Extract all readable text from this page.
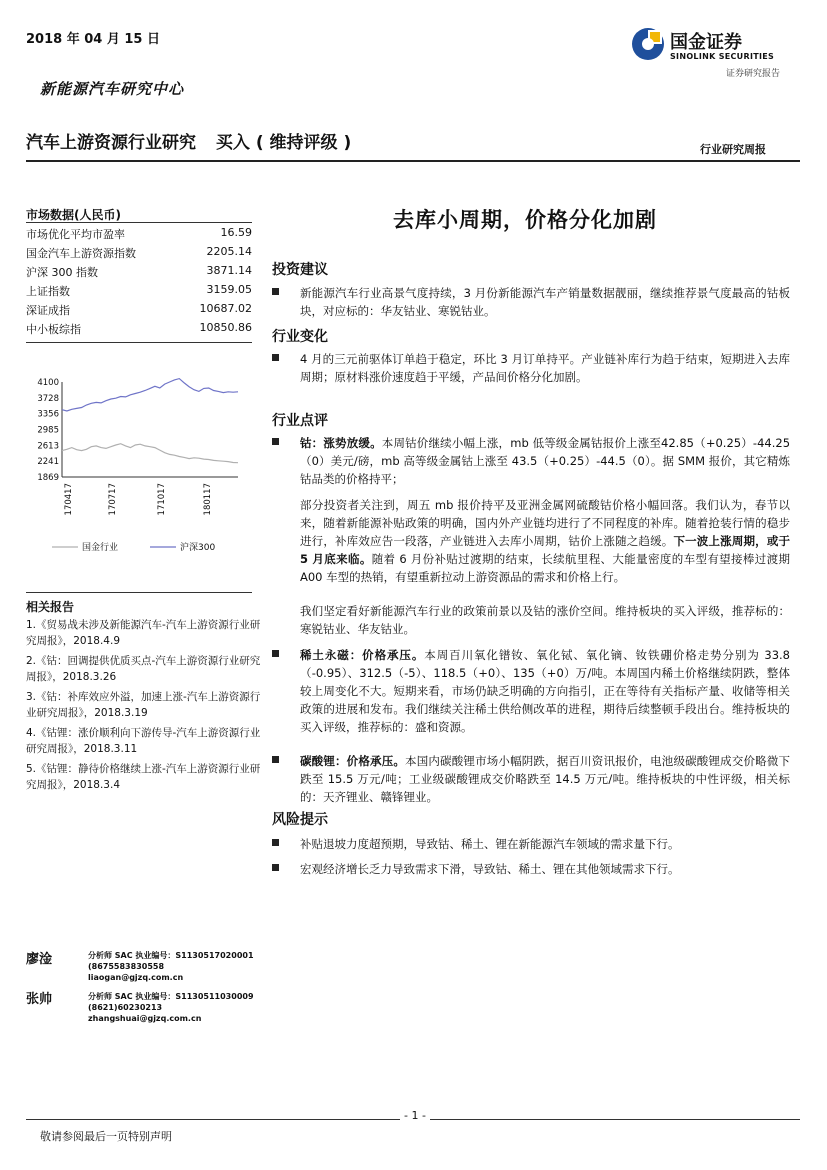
2018 年 04 月 15 日
新能源汽车研究中心
汽车上游资源行业研究 买入 ( 维持评级 )	行业研究周报
国金证券
SINOLINK SECURITIES
证券研究报告
市场数据(人民币)
市场优化平均市盈率	16.59
国金汽车上游资源指数	2205.14
沪深 300 指数	3871.14
上证指数	3159.05
深证成指	10687.02
中小板综指	10850.86
4100
3728
3356
2985
2613
2241
1869
170417	170717	171017	180117
国金行业	沪深300
相关报告
1.《贸易战未涉及新能源汽车-汽车上游资源行业研究周报》，2018.4.9
2.《钴：回调提供优质买点-汽车上游资源行业研究周报》，2018.3.26
3.《钴：补库效应外溢，加速上涨-汽车上游资源行业研究周报》，2018.3.19
4.《钴锂：涨价顺利向下游传导-汽车上游资源行业研究周报》，2018.3.11
5.《钴锂：静待价格继续上涨-汽车上游资源行业研究周报》，2018.3.4
去库小周期，价格分化加剧
投资建议
新能源汽车行业高景气度持续，3 月份新能源汽车产销量数据靓丽，继续推荐景气度最高的钴板块，对应标的：华友钴业、寒锐钴业。
行业变化
4 月的三元前驱体订单趋于稳定，环比 3 月订单持平。产业链补库行为趋于结束，短期进入去库周期；原材料涨价速度趋于平缓，产品间价格分化加剧。
行业点评
钴：涨势放缓。本周钴价继续小幅上涨，mb 低等级金属钴报价上涨至42.85（+0.25）-44.25（0）美元/磅，mb 高等级金属钴上涨至 43.5（+0.25）-44.5（0）。据 SMM 报价，其它精炼钴品类的价格持平；
部分投资者关注到，周五 mb 报价持平及亚洲金属网硫酸钴价格小幅回落。我们认为，春节以来，随着新能源补贴政策的明确，国内外产业链均进行了不同程度的补库。随着抢装行情的稳步进行，补库效应告一段落，产业链进入去库小周期，钴价上涨随之趋缓。下一波上涨周期，或于 5 月底来临。随着 6 月份补贴过渡期的结束，长续航里程、大能量密度的车型有望接棒过渡期 A00 车型的热销，有望重新拉动上游资源品的需求和价格上行。
我们坚定看好新能源汽车行业的政策前景以及钴的涨价空间。维持板块的买入评级，推荐标的：寒锐钴业、华友钴业。
稀土永磁：价格承压。本周百川氧化镨钕、氧化铽、氧化镝、钕铁硼价格走势分别为 33.8（-0.95）、312.5（-5）、118.5（+0）、135（+0）万/吨。本周国内稀土价格继续阴跌，整体较上周变化不大。短期来看，市场仍缺乏明确的方向指引，正在等待有关指标产量、收储等相关政策的进展和发布。我们继续关注稀土供给侧改革的进程，期待后续整顿手段出台。维持板块的买入评级，推荐标的：盛和资源。
碳酸锂：价格承压。本国内碳酸锂市场小幅阴跌，据百川资讯报价，电池级碳酸锂成交价略微下跌至 15.5 万元/吨；工业级碳酸锂成交价略跌至 14.5 万元/吨。维持板块的中性评级，相关标的：天齐锂业、赣锋锂业。
风险提示
补贴退坡力度超预期，导致钴、稀土、锂在新能源汽车领域的需求量下行。
宏观经济增长乏力导致需求下滑，导致钴、稀土、锂在其他领域需求下行。
廖淦	分析师 SAC 执业编号：S1130517020001
(8675583830558
liaogan@gjzq.com.cn
张帅	分析师 SAC 执业编号：S1130511030009
(8621)60230213
zhangshuai@gjzq.com.cn
- 1 -
敬请参阅最后一页特别声明
